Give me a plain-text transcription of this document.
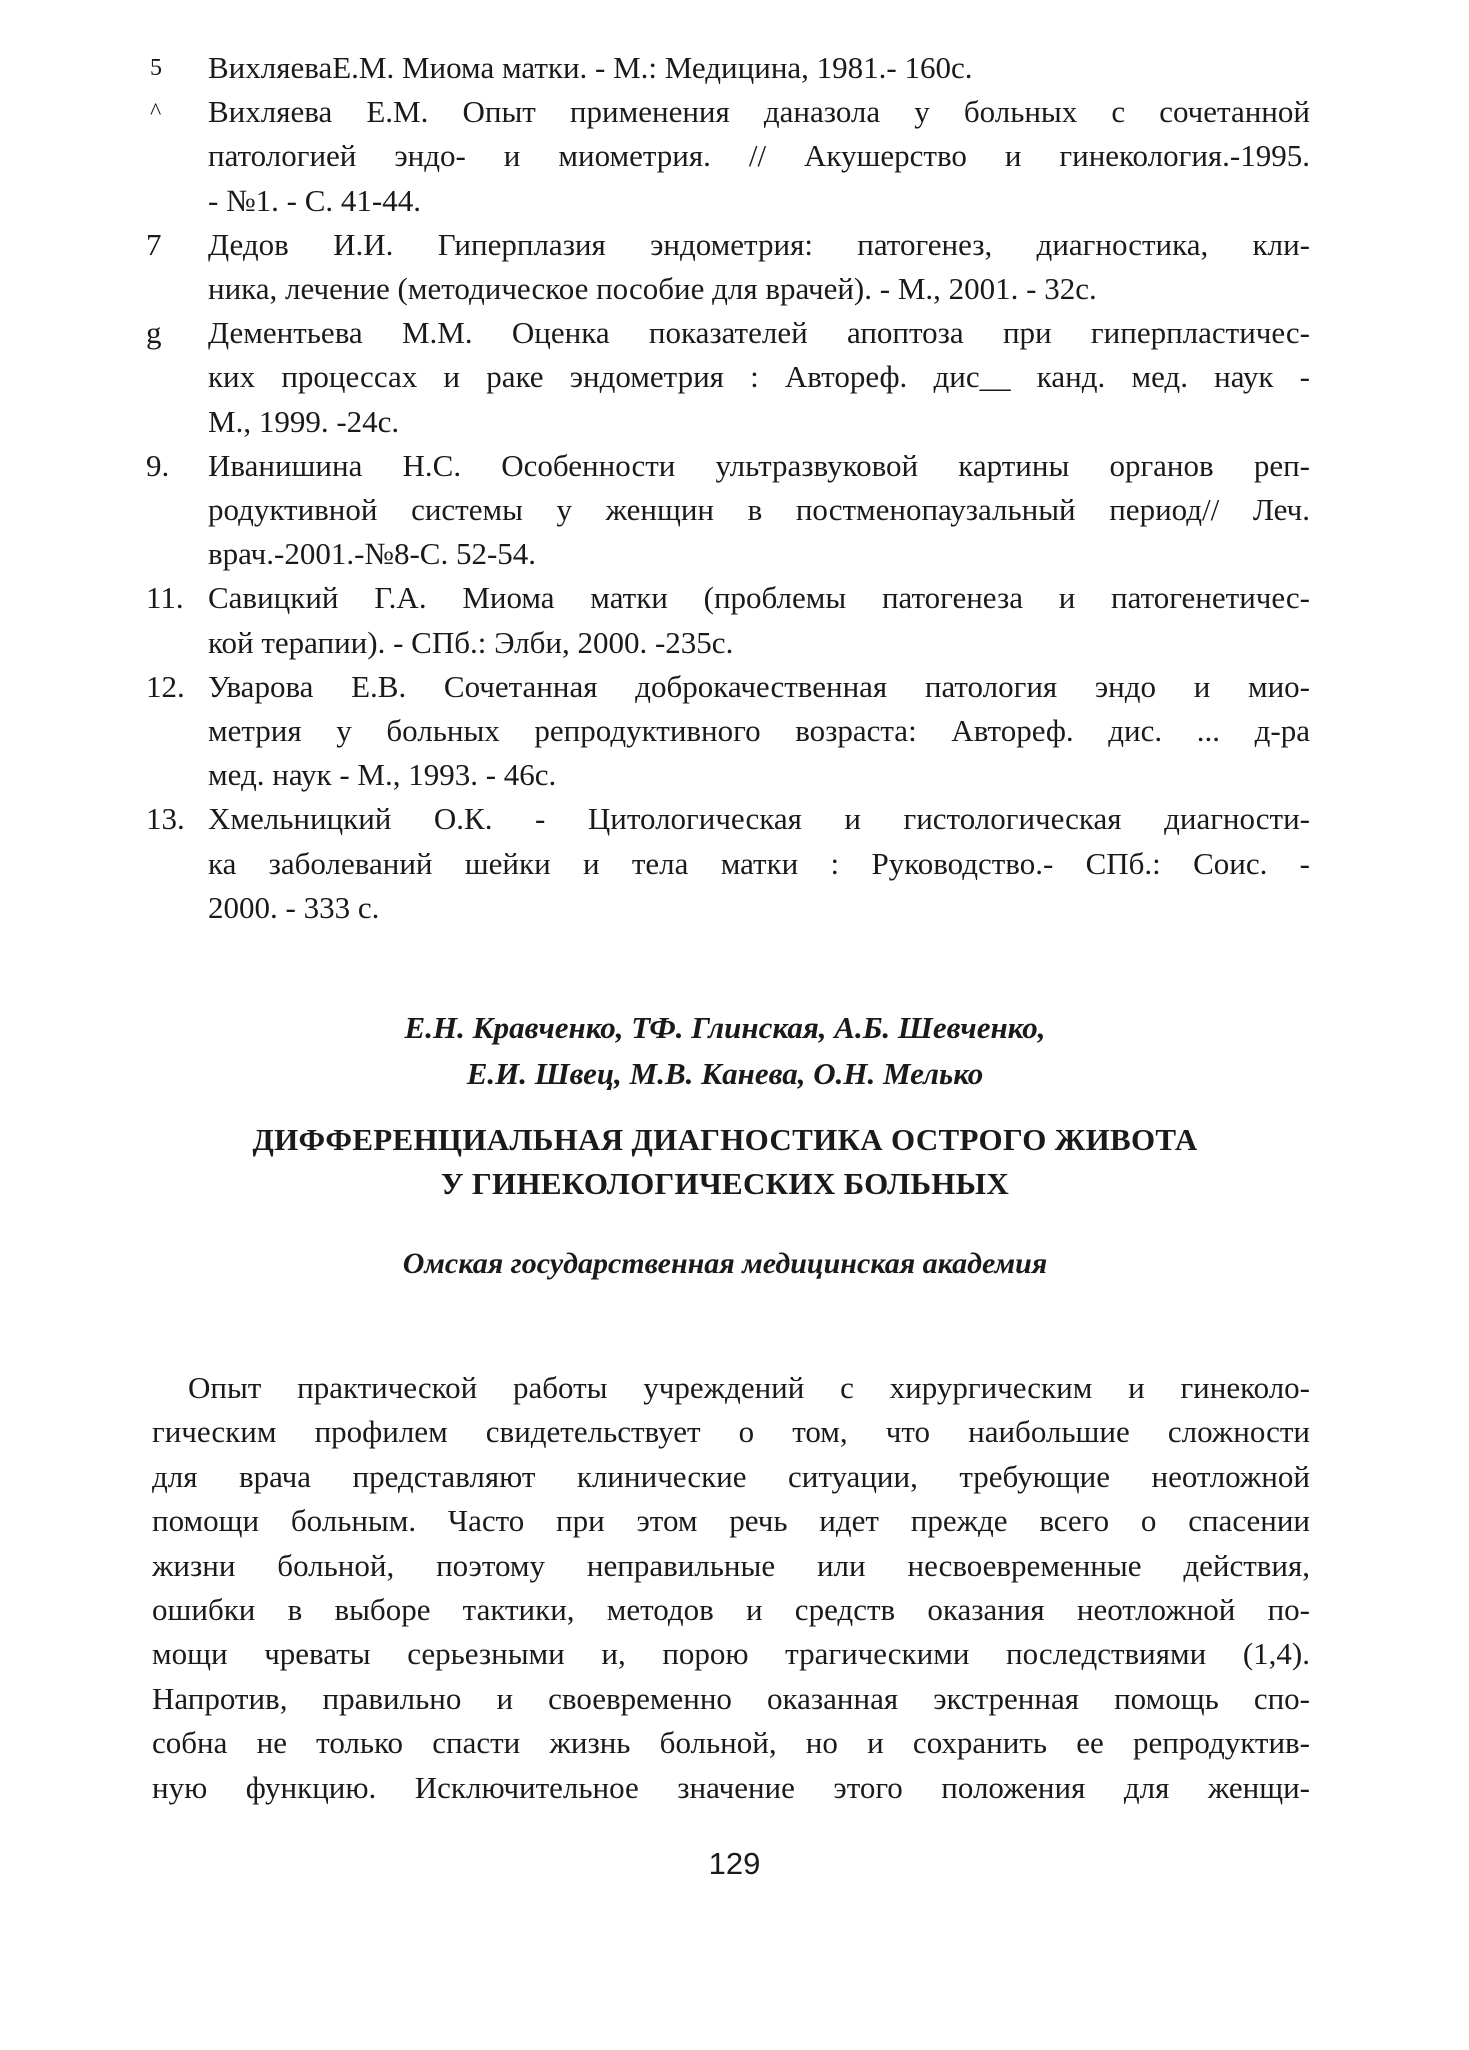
5	ВихляеваЕ.М. Миома матки. - М.: Медицина, 1981.- 160с.
^	Вихляева Е.М. Опыт применения даназола у больных с сочетанной
патологией эндо- и миометрия. // Акушерство и гинекология.-1995.
- №1. - С. 41-44.
7	Дедов И.И. Гиперплазия эндометрия: патогенез, диагностика, кли-
ника, лечение (методическое пособие для врачей). - М., 2001. - 32с.
g	Дементьева М.М. Оценка показателей апоптоза при гиперпластичес-
ких процессах и раке эндометрия : Автореф. дис__ канд. мед. наук -
М., 1999. -24с.
9.	Иванишина Н.С. Особенности ультразвуковой картины органов реп-
родуктивной системы у женщин в постменопаузальный период// Леч.
врач.-2001.-№8-С. 52-54.
11. Савицкий Г.А. Миома матки (проблемы патогенеза и патогенетичес-
кой терапии). - СПб.: Элби, 2000. -235с.
12. Уварова Е.В. Сочетанная доброкачественная патология эндо и мио-
метрия у больных репродуктивного возраста: Автореф. дис. ... д-ра
мед. наук - М., 1993. - 46с.
13. Хмельницкий О.К. - Цитологическая и гистологическая диагности-
ка заболеваний шейки и тела матки : Руководство.- СПб.: Соис. -
2000. - 333 с.
Е.Н. Кравченко, ТФ. Глинская, А.Б. Шевченко,
Е.И. Швец, М.В. Канева, О.Н. Мелько
ДИФФЕРЕНЦИАЛЬНАЯ ДИАГНОСТИКА ОСТРОГО ЖИВОТА
У ГИНЕКОЛОГИЧЕСКИХ БОЛЬНЫХ
Омская государственная медицинская академия
Опыт практической работы учреждений с хирургическим и гинеколо-
гическим профилем свидетельствует о том, что наибольшие сложности
для врача представляют клинические ситуации, требующие неотложной
помощи больным. Часто при этом речь идет прежде всего о спасении
жизни больной, поэтому неправильные или несвоевременные действия,
ошибки в выборе тактики, методов и средств оказания неотложной по-
мощи чреваты серьезными и, порою трагическими последствиями (1,4).
Напротив, правильно и своевременно оказанная экстренная помощь спо-
собна не только спасти жизнь больной, но и сохранить ее репродуктив-
ную функцию. Исключительное значение этого положения для женщи-
129
